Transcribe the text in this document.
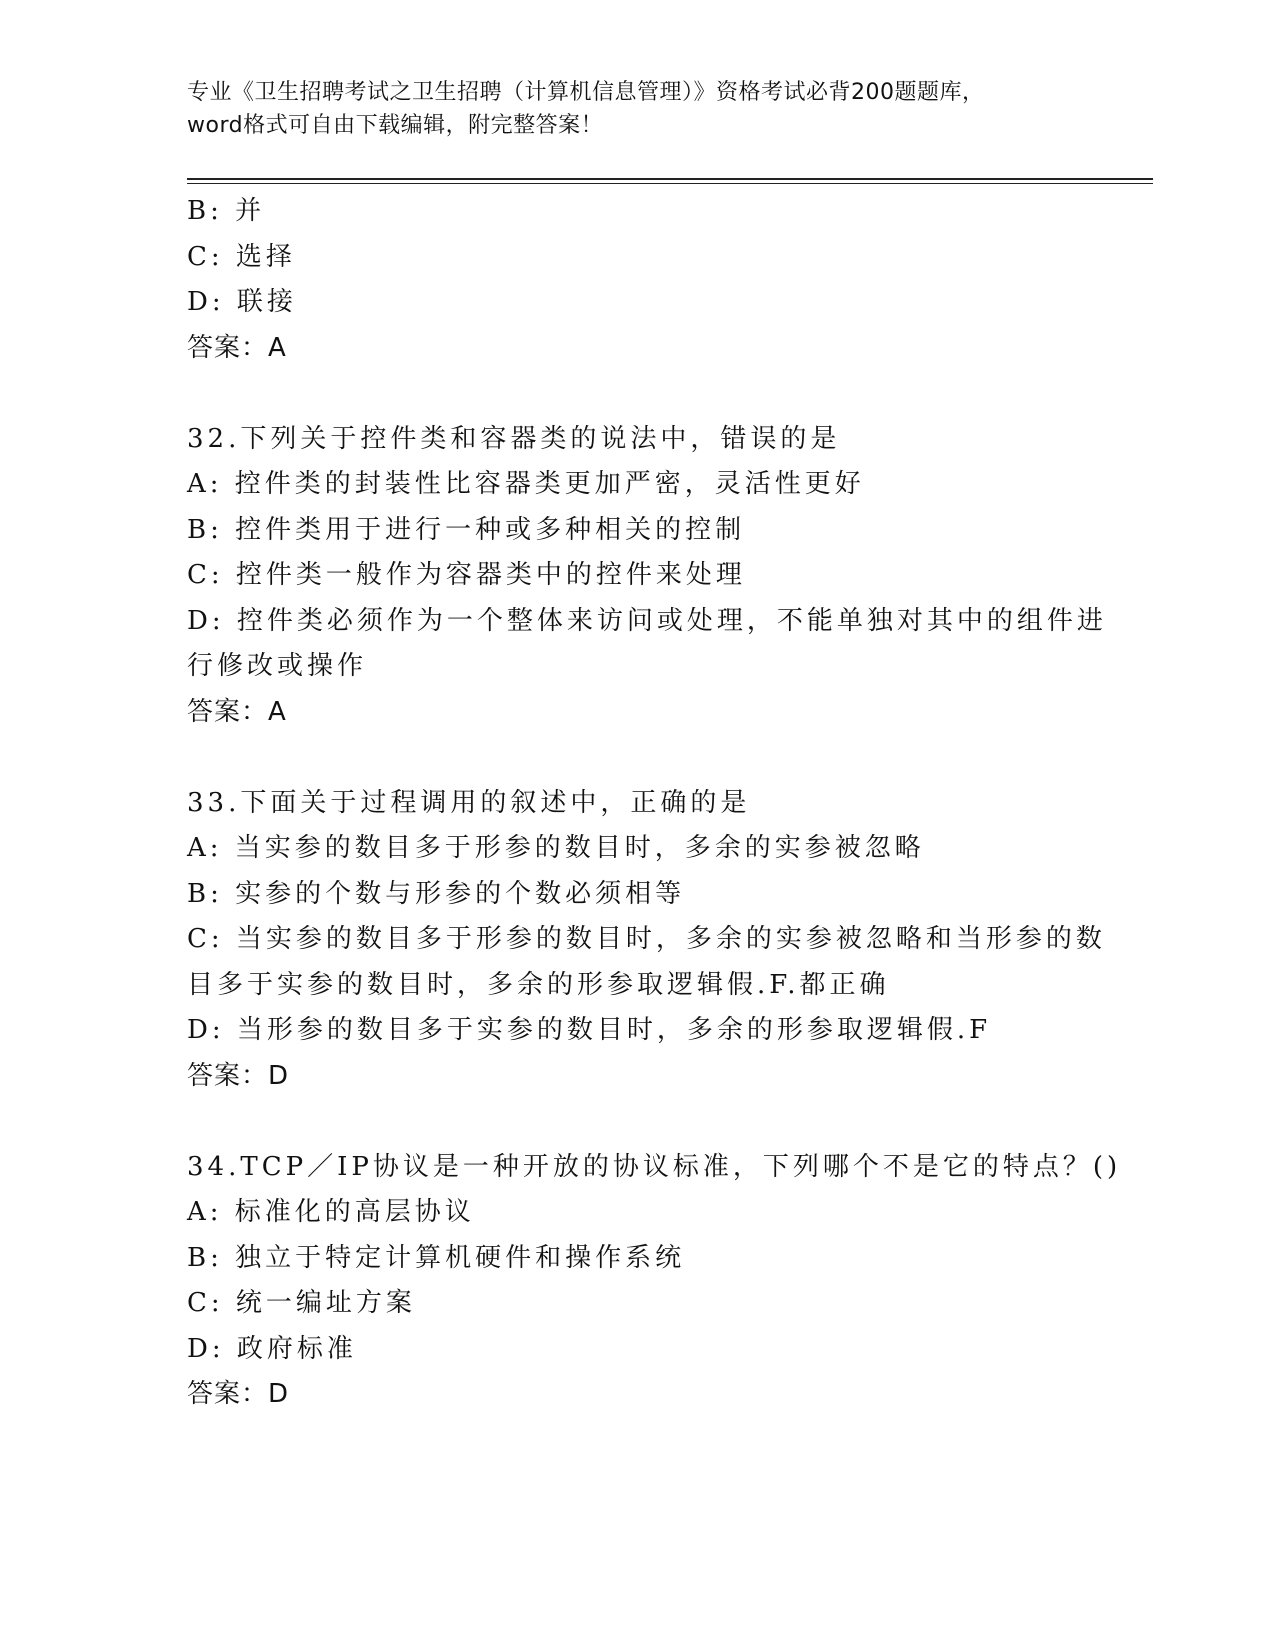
专业《卫生招聘考试之卫生招聘（计算机信息管理）》资格考试必背200题题库，
word格式可自由下载编辑，附完整答案！
B: 并
C: 选择
D: 联接
答案：A
32.下列关于控件类和容器类的说法中，错误的是
A: 控件类的封装性比容器类更加严密，灵活性更好
B: 控件类用于进行一种或多种相关的控制
C: 控件类一般作为容器类中的控件来处理
D: 控件类必须作为一个整体来访问或处理，不能单独对其中的组件进
行修改或操作
答案：A
33.下面关于过程调用的叙述中，正确的是
A: 当实参的数目多于形参的数目时，多余的实参被忽略
B: 实参的个数与形参的个数必须相等
C: 当实参的数目多于形参的数目时，多余的实参被忽略和当形参的数
目多于实参的数目时，多余的形参取逻辑假.F.都正确
D: 当形参的数目多于实参的数目时，多余的形参取逻辑假.F
答案：D
34.TCP／IP协议是一种开放的协议标准，下列哪个不是它的特点？()
A: 标准化的高层协议
B: 独立于特定计算机硬件和操作系统
C: 统一编址方案
D: 政府标准
答案：D
